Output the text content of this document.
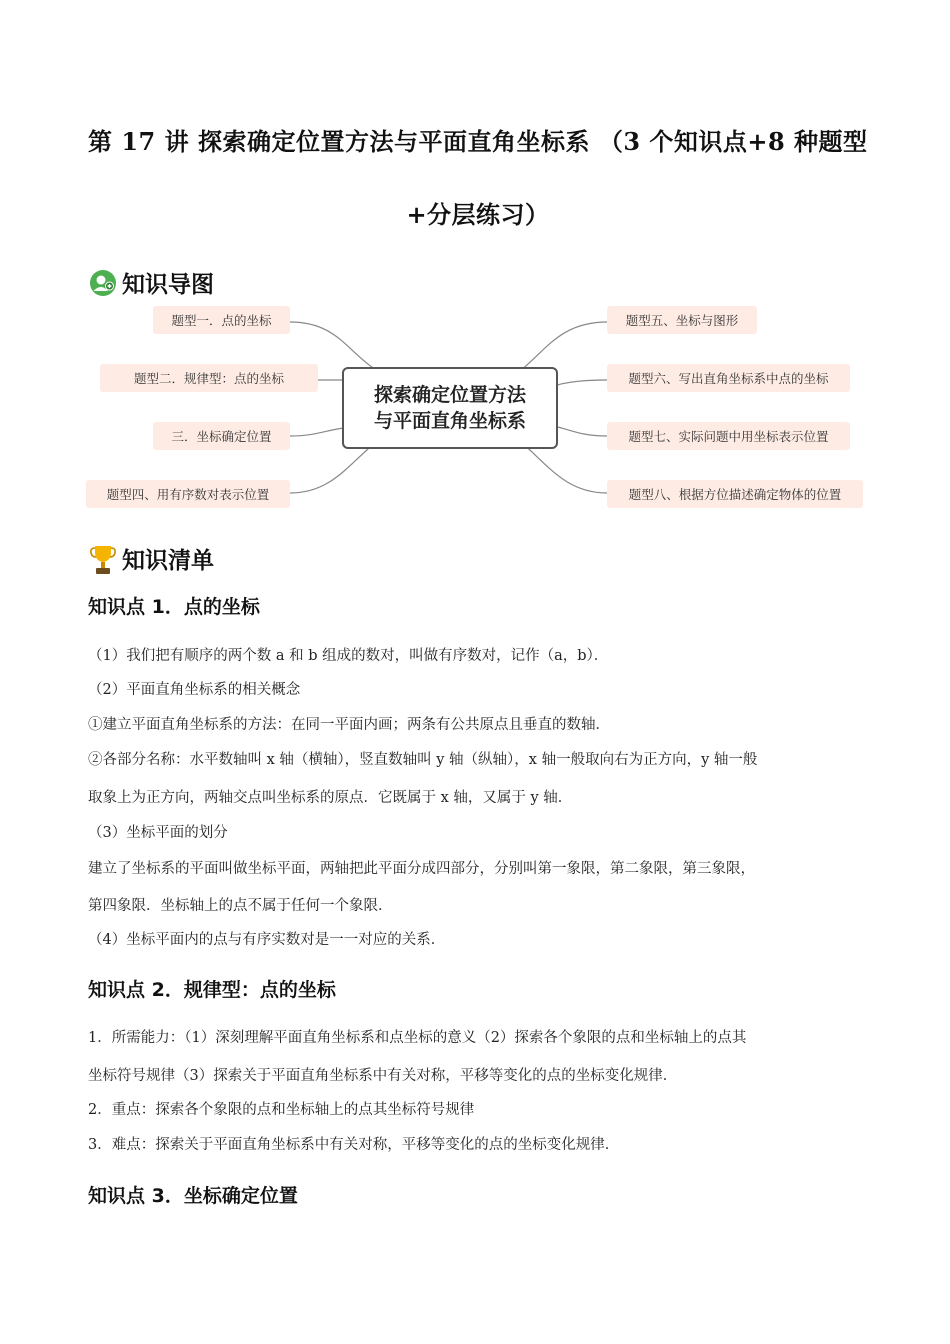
第 17 讲 探索确定位置方法与平面直角坐标系 （3 个知识点+8 种题型
+分层练习）
知识导图
题型一．点的坐标
题型二．规律型：点的坐标
三．坐标确定位置
题型四、用有序数对表示位置
探索确定位置方法
与平面直角坐标系
题型五、坐标与图形
题型六、写出直角坐标系中点的坐标
题型七、实际问题中用坐标表示位置
题型八、根据方位描述确定物体的位置
知识清单
知识点 1．点的坐标
（1）我们把有顺序的两个数 a 和 b 组成的数对，叫做有序数对，记作（a，b）．
（2）平面直角坐标系的相关概念
①建立平面直角坐标系的方法：在同一平面内画；两条有公共原点且垂直的数轴．
②各部分名称：水平数轴叫 x 轴（横轴），竖直数轴叫 y 轴（纵轴），x 轴一般取向右为正方向，y 轴一般
取象上为正方向，两轴交点叫坐标系的原点．它既属于 x 轴，又属于 y 轴．
（3）坐标平面的划分
建立了坐标系的平面叫做坐标平面，两轴把此平面分成四部分，分别叫第一象限，第二象限，第三象限，
第四象限．坐标轴上的点不属于任何一个象限．
（4）坐标平面内的点与有序实数对是一一对应的关系．
知识点 2．规律型：点的坐标
1．所需能力：（1）深刻理解平面直角坐标系和点坐标的意义（2）探索各个象限的点和坐标轴上的点其
坐标符号规律（3）探索关于平面直角坐标系中有关对称，平移等变化的点的坐标变化规律．
2．重点：探索各个象限的点和坐标轴上的点其坐标符号规律
3．难点：探索关于平面直角坐标系中有关对称，平移等变化的点的坐标变化规律．
知识点 3．坐标确定位置
